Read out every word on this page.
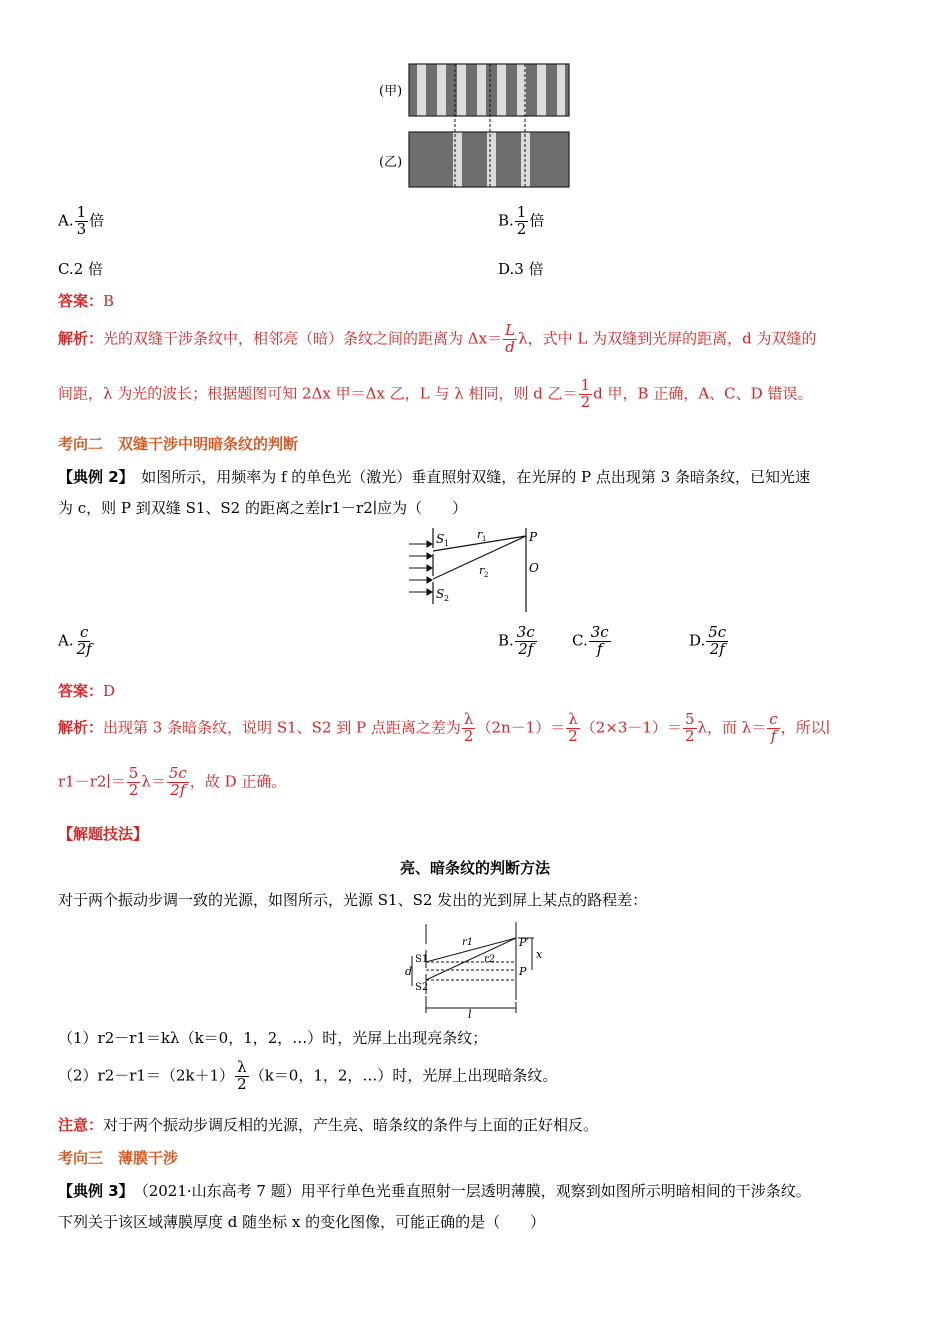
(甲)
(乙)
A. $\frac{1}{3}$ 倍	B. $\frac{1}{2}$ 倍
C.2 倍	D.3 倍
答案：B
解析：光的双缝干涉条纹中，相邻亮（暗）条纹之间的距离为 $\Delta x= \frac{L}{d}$ λ，式中 L 为双缝到光屏的距离，d 为双缝的
间距，λ 为光的波长；根据题图可知 2Δx 甲＝Δx 乙，L 与 λ 相同，则 d 乙＝ $\frac{1}{2}$ d 甲，B 正确，A、C、D 错误。
考向二　双缝干涉中明暗条纹的判断
【典例 2】　 如图所示，用频率为 f 的单色光（激光）垂直照射双缝，在光屏的 P 点出现第 3 条暗条纹，已知光速
为 c，则 P 到双缝 S1、S2 的距离之差∣r1－r2∣应为（　　）
S 1
S 2
r 1
r 2
P
O
A. $\frac{c}{2f}$	B. $\frac{3c}{2f} C$. $\frac{3c}{f}$	D. $\frac{5c}{2f}$
答案：D
解析：出现第 3 条暗条纹，说明 S1、S2 到 P 点距离之差为 $\frac{\lambda}{2} (2n-1)= \frac{\lambda}{2} (2\times 3-1)= \frac{5}{2}$ λ，而 $\lambda= \frac{c}{f}$ ，所以∣
r1－r2∣＝ $\frac{5}{2} \lambda= \frac{5c}{2f}$ ，故 D 正确。
【解题技法】
亮、暗条纹的判断方法
对于两个振动步调一致的光源，如图所示，光源 S1、S2 发出的光到屏上某点的路程差：
S1
d
S2
r1
r2
P′
P
x
l
（1）r2－r1＝kλ（k＝0，1，2，…）时，光屏上出现亮条纹；
$(2)r2-r1=(2k+1) \frac{\lambda}{2} (k=0$，1，2，…）时，光屏上出现暗条纹。
注意：对于两个振动步调反相的光源，产生亮、暗条纹的条件与上面的正好相反。
考向三　薄膜干涉
【典例 3】　 （2021·山东高考 7 题）用平行单色光垂直照射一层透明薄膜，观察到如图所示明暗相间的干涉条纹。
下列关于该区域薄膜厚度 d 随坐标 x 的变化图像，可能正确的是（　　）
